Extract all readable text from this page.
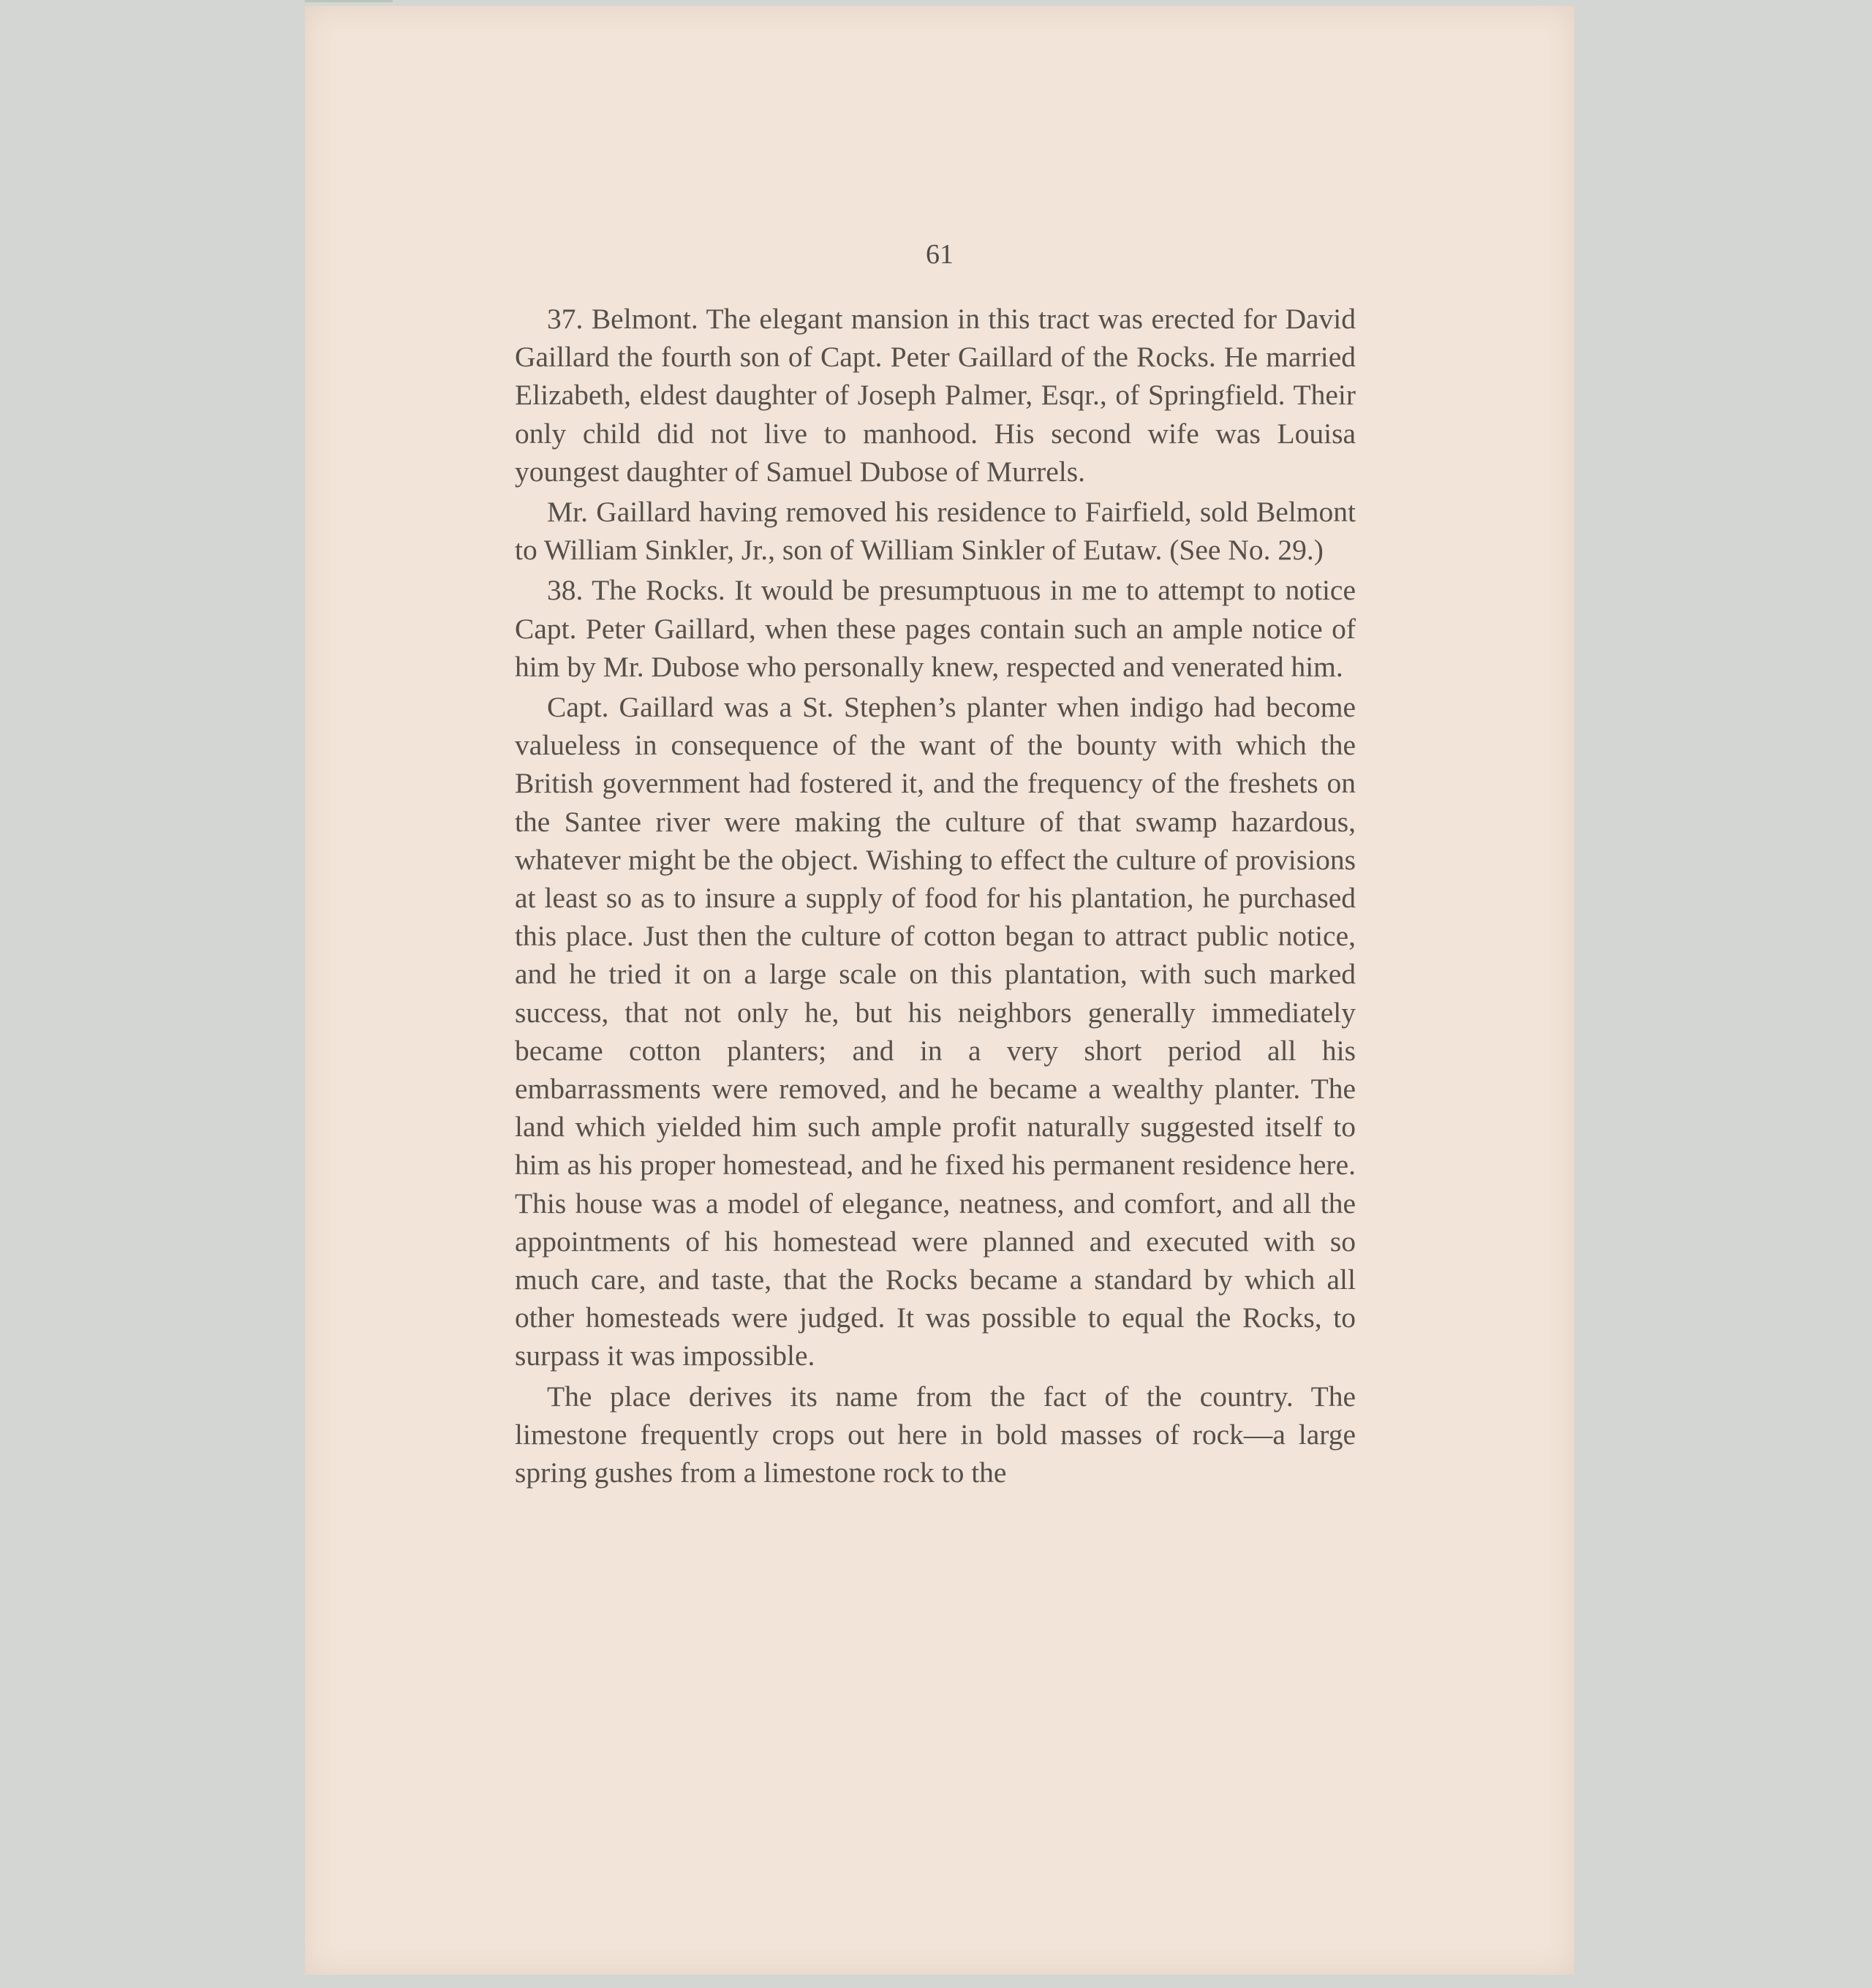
61

37. Belmont. The elegant mansion in this tract was erected for David Gaillard the fourth son of Capt. Peter Gaillard of the Rocks. He married Elizabeth, eldest daughter of Joseph Palmer, Esqr., of Springfield. Their only child did not live to manhood. His second wife was Louisa youngest daughter of Samuel Dubose of Murrels.

Mr. Gaillard having removed his residence to Fairfield, sold Belmont to William Sinkler, Jr., son of William Sinkler of Eutaw. (See No. 29.)

38. The Rocks. It would be presumptuous in me to attempt to notice Capt. Peter Gaillard, when these pages contain such an ample notice of him by Mr. Dubose who personally knew, respected and venerated him.

Capt. Gaillard was a St. Stephen’s planter when indigo had become valueless in consequence of the want of the bounty with which the British government had fostered it, and the frequency of the freshets on the Santee river were making the culture of that swamp hazardous, whatever might be the object. Wishing to effect the culture of provisions at least so as to insure a supply of food for his plantation, he purchased this place. Just then the culture of cotton began to attract public notice, and he tried it on a large scale on this plantation, with such marked success, that not only he, but his neighbors generally immediately became cotton planters; and in a very short period all his embarrassments were removed, and he became a wealthy planter. The land which yielded him such ample profit naturally suggested itself to him as his proper homestead, and he fixed his permanent residence here. This house was a model of elegance, neatness, and comfort, and all the appointments of his homestead were planned and executed with so much care, and taste, that the Rocks became a standard by which all other homesteads were judged. It was possible to equal the Rocks, to surpass it was impossible.

The place derives its name from the fact of the country. The limestone frequently crops out here in bold masses of rock—a large spring gushes from a limestone rock to the
